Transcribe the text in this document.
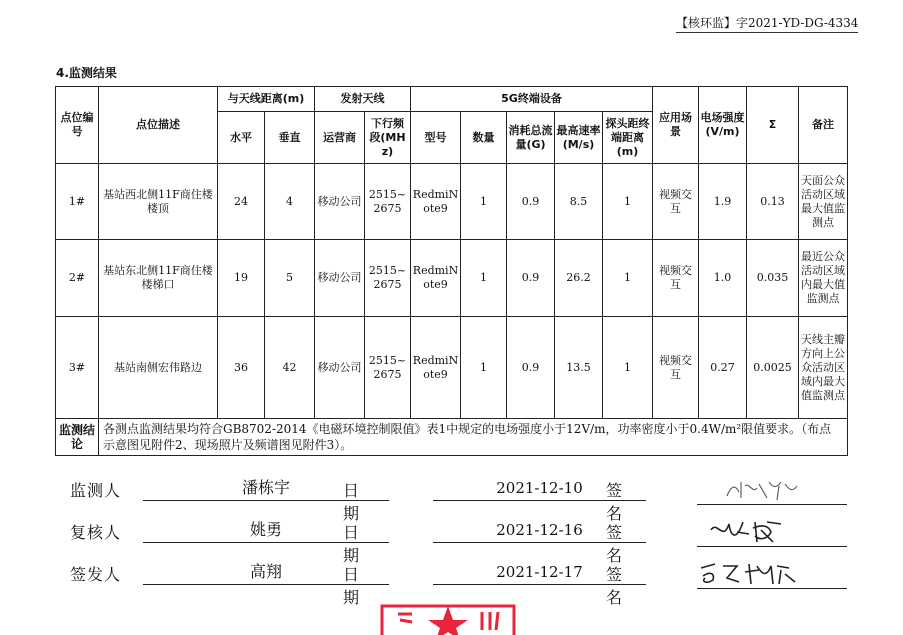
【核环监】字2021-YD-DG-4334
4.监测结果
点位编号	点位描述	与天线距离(m)		发射天线		5G终端设备					应用场景	电场强度(V/m)	Σ	备注
		水平	垂直	运营商	下行频段(MHz)	型号	数量	消耗总流量(G)	最高速率(M/s)	探头距终端距离(m)				
1#	基站西北侧11F商住楼楼顶	24	4	移动公司	2515~2675	RedmiNote9	1	0.9	8.5	1	视频交互	1.9	0.13	天面公众活动区域最大值监测点
2#	基站东北侧11F商住楼楼梯口	19	5	移动公司	2515~2675	RedmiNote9	1	0.9	26.2	1	视频交互	1.0	0.035	最近公众活动区域内最大值监测点
3#	基站南侧宏伟路边	36	42	移动公司	2515~2675	RedmiNote9	1	0.9	13.5	1	视频交互	0.27	0.0025	天线主瓣方向上公众活动区域内最大值监测点
监测结论	各测点监测结果均符合GB8702-2014《电磁环境控制限值》表1中规定的电场强度小于12V/m，功率密度小于0.4W/m²限值要求。（布点示意图见附件2、现场照片及频谱图见附件3）。													
监测人	潘栋宇	日 期
2021-12-10	签 名
复核人	姚勇	日 期
2021-12-16	签 名
签发人	高翔	日 期
2021-12-17	签 名
